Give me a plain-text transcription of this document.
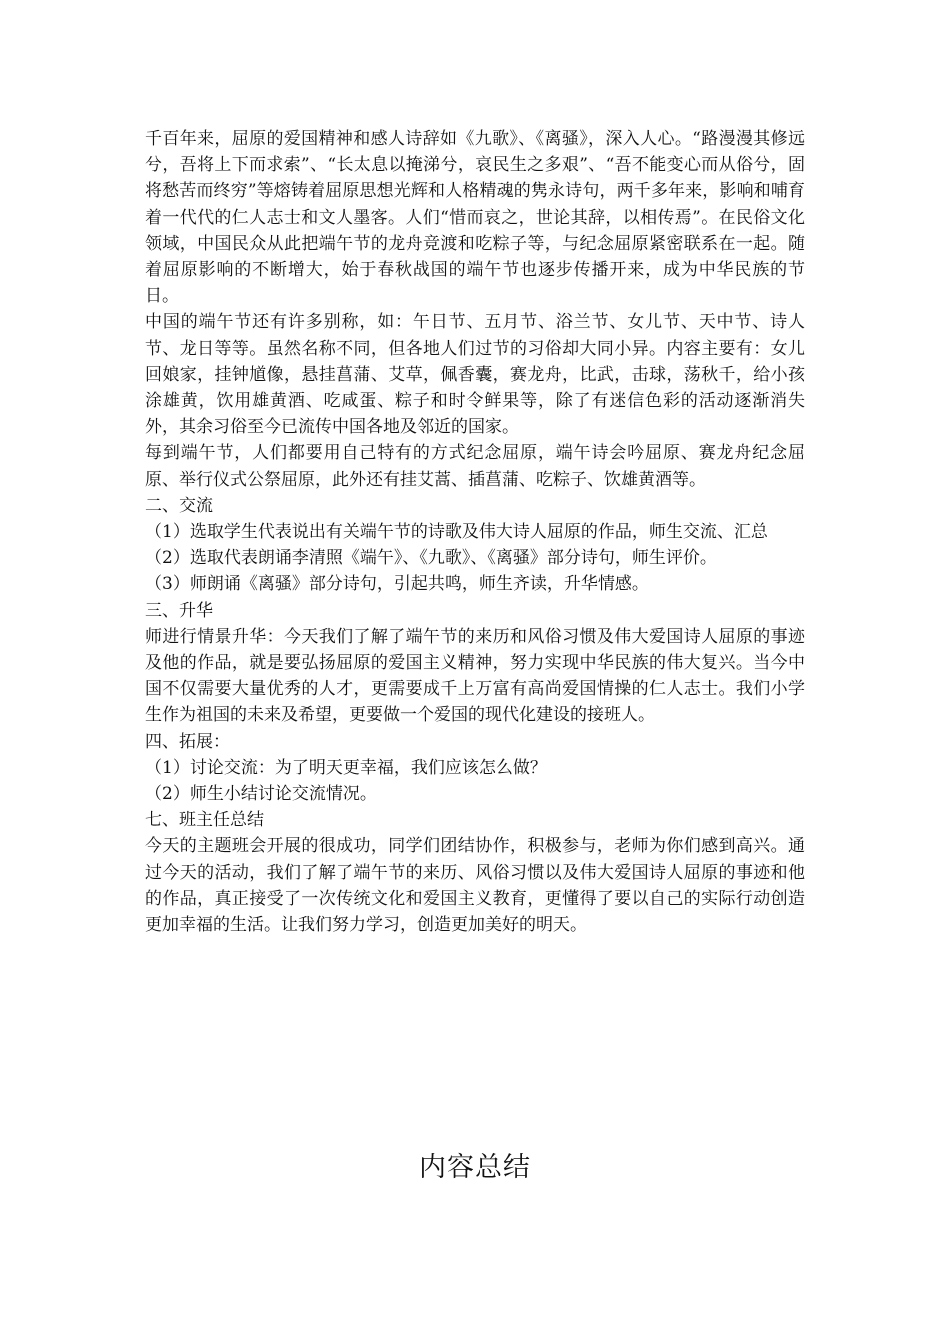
千百年来，屈原的爱国精神和感人诗辞如《九歌》、《离骚》，深入人心。“路漫漫其修远兮，吾将上下而求索”、“长太息以掩涕兮，哀民生之多艰”、“吾不能变心而从俗兮，固将愁苦而终穷”等熔铸着屈原思想光辉和人格精魂的隽永诗句，两千多年来，影响和哺育着一代代的仁人志士和文人墨客。人们“惜而哀之，世论其辞，以相传焉”。在民俗文化领域，中国民众从此把端午节的龙舟竞渡和吃粽子等，与纪念屈原紧密联系在一起。随着屈原影响的不断增大，始于春秋战国的端午节也逐步传播开来，成为中华民族的节日。

中国的端午节还有许多别称，如：午日节、五月节、浴兰节、女儿节、天中节、诗人节、龙日等等。虽然名称不同，但各地人们过节的习俗却大同小异。内容主要有：女儿回娘家，挂钟馗像，悬挂菖蒲、艾草，佩香囊，赛龙舟，比武，击球，荡秋千，给小孩涂雄黄，饮用雄黄酒、吃咸蛋、粽子和时令鲜果等，除了有迷信色彩的活动逐渐消失外，其余习俗至今已流传中国各地及邻近的国家。

每到端午节，人们都要用自己特有的方式纪念屈原，端午诗会吟屈原、赛龙舟纪念屈原、举行仪式公祭屈原，此外还有挂艾蒿、插菖蒲、吃粽子、饮雄黄酒等。

二、交流

（1）选取学生代表说出有关端午节的诗歌及伟大诗人屈原的作品，师生交流、汇总

（2）选取代表朗诵李清照《端午》、《九歌》、《离骚》部分诗句，师生评价。

（3）师朗诵《离骚》部分诗句，引起共鸣，师生齐读，升华情感。

三、升华

师进行情景升华：今天我们了解了端午节的来历和风俗习惯及伟大爱国诗人屈原的事迹及他的作品，就是要弘扬屈原的爱国主义精神，努力实现中华民族的伟大复兴。当今中国不仅需要大量优秀的人才，更需要成千上万富有高尚爱国情操的仁人志士。我们小学生作为祖国的未来及希望，更要做一个爱国的现代化建设的接班人。

四、拓展：

（1）讨论交流：为了明天更幸福，我们应该怎么做？

（2）师生小结讨论交流情况。

七、班主任总结

今天的主题班会开展的很成功，同学们团结协作，积极参与，老师为你们感到高兴。通过今天的活动，我们了解了端午节的来历、风俗习惯以及伟大爱国诗人屈原的事迹和他的作品，真正接受了一次传统文化和爱国主义教育，更懂得了要以自己的实际行动创造更加幸福的生活。让我们努力学习，创造更加美好的明天。

内容总结
